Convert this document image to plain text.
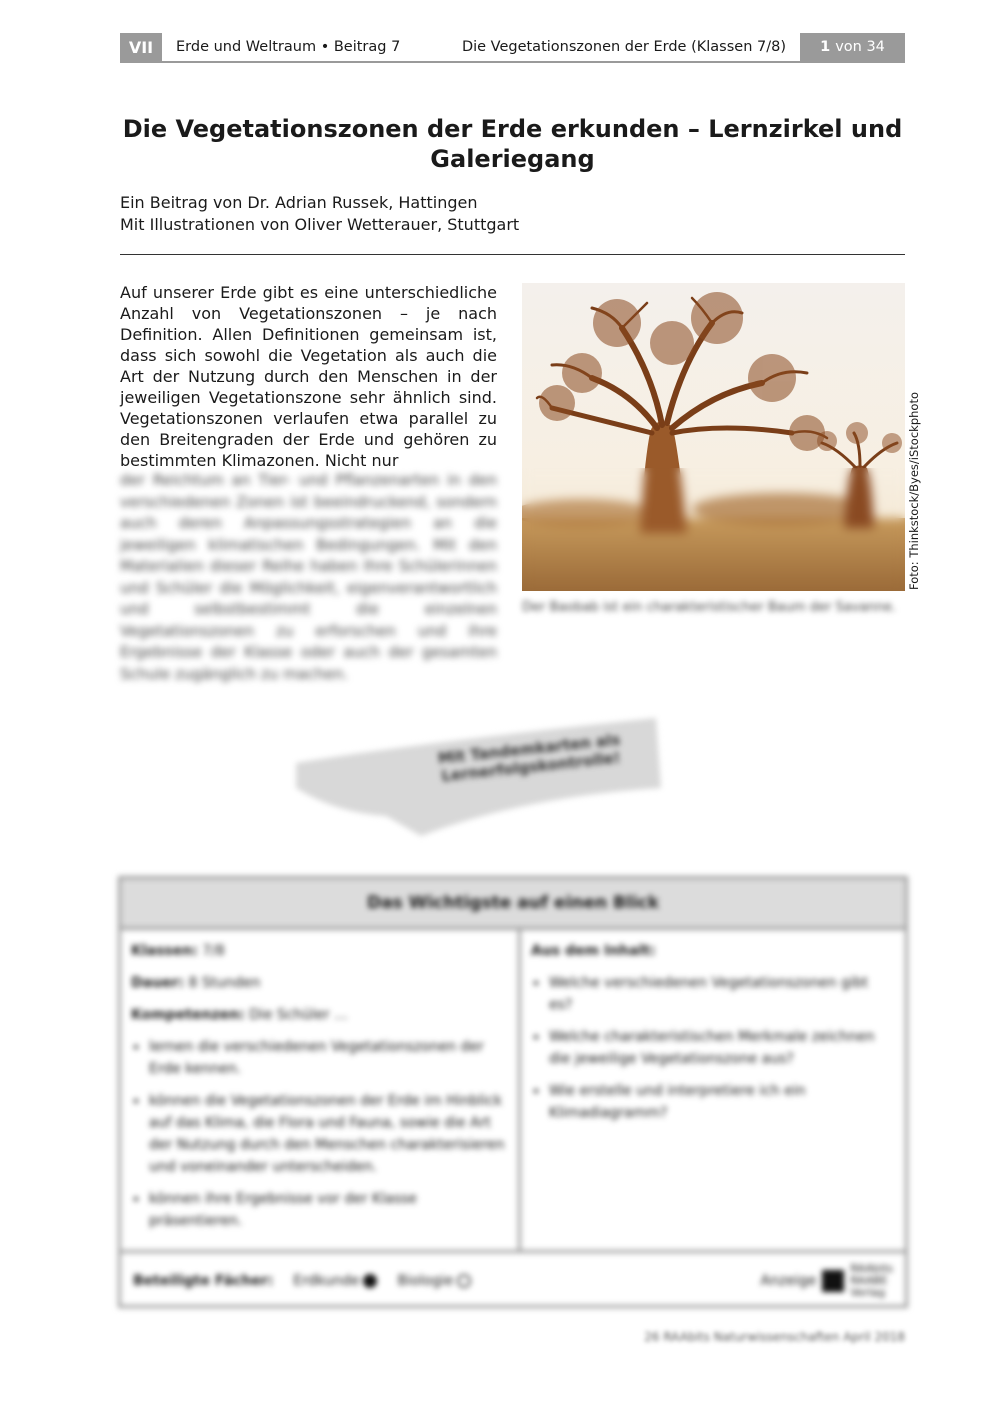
VII	Erde und Weltraum • Beitrag 7	Die Vegetationszonen der Erde (Klassen 7/8)	1 von 34
Die Vegetationszonen der Erde erkunden – Lernzirkel und Galeriegang
Ein Beitrag von Dr. Adrian Russek, Hattingen
Mit Illustrationen von Oliver Wetterauer, Stuttgart

Auf unserer Erde gibt es eine unterschiedliche Anzahl von Vegetationszonen – je nach Definition. Allen Definitionen gemeinsam ist, dass sich sowohl die Vegetation als auch die Art der Nutzung durch den Menschen in der jeweiligen Vegetationszone sehr ähnlich sind. Vegetationszonen verlaufen etwa parallel zu den Breitengraden der Erde und gehören zu bestimmten Klimazonen. Nicht nur

der Reichtum an Tier- und Pflanzenarten in den verschiedenen Zonen ist beeindruckend, sondern auch deren Anpassungsstrategien an die jeweiligen klimatischen Bedingungen. Mit den Materialien dieser Reihe haben Ihre Schülerinnen und Schüler die Möglichkeit, eigenverantwortlich und selbstbestimmt die einzelnen Vegetationszonen zu erforschen und ihre Ergebnisse der Klasse oder auch der gesamten Schule zugänglich zu machen.
Foto: Thinkstock/Byes/iStockphoto
Der Baobab ist ein charakteristischer Baum der Savanne.
Mit Tandemkarten als Lernerfolgskontrolle!
Das Wichtigste auf einen Blick

Klassen: 7/8

Dauer: 8 Stunden

Kompetenzen: Die Schüler …

• lernen die verschiedenen Vegetationszonen der Erde kennen.
• können die Vegetationszonen der Erde im Hinblick auf das Klima, die Flora und Fauna, sowie die Art der Nutzung durch den Menschen charakterisieren und voneinander unterscheiden.
• können ihre Ergebnisse vor der Klasse präsentieren.

Aus dem Inhalt:

• Welche verschiedenen Vegetationszonen gibt es?
• Welche charakteristischen Merkmale zeichnen die jeweilige Vegetationszone aus?
• Wie erstelle und interpretiere ich ein Klimadiagramm?
Beteiligte Fächer: Erdkunde	Biologie	Anzeige
RAAbits
RAABE
Verlag
26 RAAbits Naturwissenschaften April 2018
